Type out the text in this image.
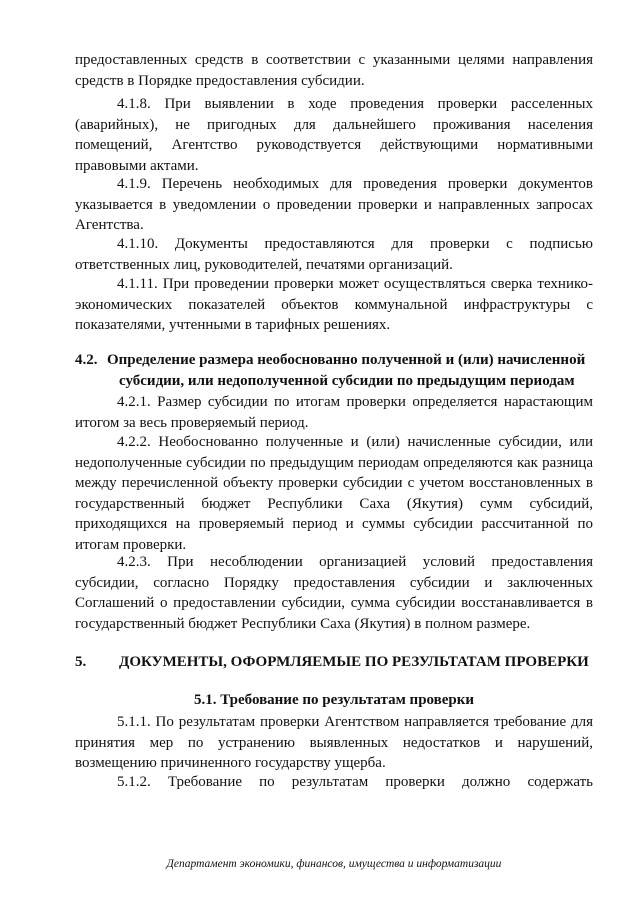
предоставленных средств в соответствии с указанными целями направления средств в Порядке предоставления субсидии.

4.1.8. При выявлении в ходе проведения проверки расселенных (аварийных), не пригодных для дальнейшего проживания населения помещений, Агентство руководствуется действующими нормативными правовыми актами.

4.1.9. Перечень необходимых для проведения проверки документов указывается в уведомлении о проведении проверки и направленных запросах Агентства.

4.1.10. Документы предоставляются для проверки с подписью ответственных лиц, руководителей, печатями организаций.

4.1.11. При проведении проверки может осуществляться сверка технико-экономических показателей объектов коммунальной инфраструктуры с показателями, учтенными в тарифных решениях.

4.2. Определение размера необоснованно полученной и (или) начисленной
субсидии, или недополученной субсидии по предыдущим периодам

4.2.1. Размер субсидии по итогам проверки определяется нарастающим итогом за весь проверяемый период.

4.2.2. Необоснованно полученные и (или) начисленные субсидии, или недополученные субсидии по предыдущим периодам определяются как разница между перечисленной объекту проверки субсидии с учетом восстановленных в государственный бюджет Республики Саха (Якутия) сумм субсидий, приходящихся на проверяемый период и суммы субсидии рассчитанной по итогам проверки.

4.2.3. При несоблюдении организацией условий предоставления субсидии, согласно Порядку предоставления субсидии и заключенных Соглашений о предоставлении субсидии, сумма субсидии восстанавливается в государственный бюджет Республики Саха (Якутия) в полном размере.

5. ДОКУМЕНТЫ, ОФОРМЛЯЕМЫЕ ПО РЕЗУЛЬТАТАМ ПРОВЕРКИ
5.1. Требование по результатам проверки

5.1.1. По результатам проверки Агентством направляется требование для принятия мер по устранению выявленных недостатков и нарушений, возмещению причиненного государству ущерба.

5.1.2. Требование по результатам проверки должно содержать

Департамент экономики, финансов, имущества и информатизации
